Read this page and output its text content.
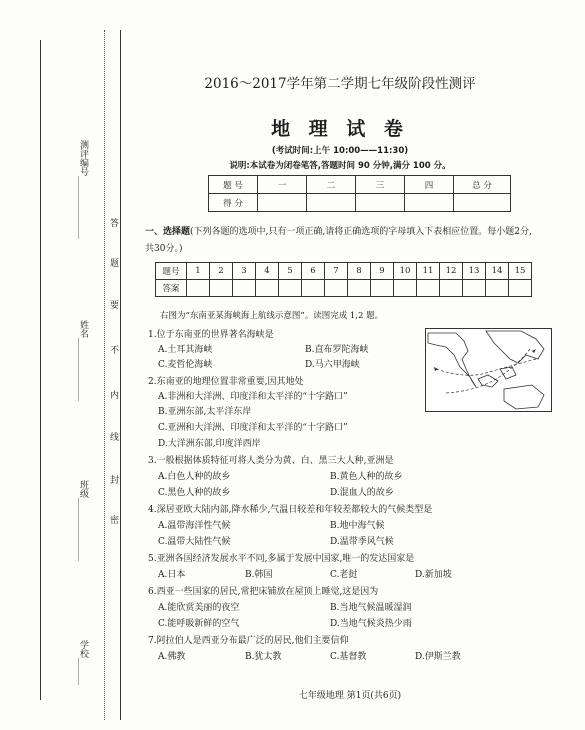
测评编号______________
姓名______________
班级______________
学校______
答
题
要
不
内
线
封
密
2016～2017学年第二学期七年级阶段性测评
地 理 试 卷
(考试时间:上午 10:00——11:30)
说明:本试卷为闭卷笔答,答题时间 90 分钟,满分 100 分。
题 号	一	二	三	四	总 分
得 分					
一、选择题(下列各题的选项中,只有一项正确,请将正确选项的字母填入下表相应位置。每小题2分,共30分。)
题号	1	2	3	4	5	6	7	8	9	10	11	12	13	14	15
答案															
右图为“东南亚某海峡海上航线示意图”。读图完成 1,2 题。
1.位于东南亚的世界著名海峡是
A.土耳其海峡	B.直布罗陀海峡
C.麦哲伦海峡	D.马六甲海峡
2.东南亚的地理位置非常重要,因其地处
A.非洲和大洋洲、印度洋和太平洋的“十字路口”
B.亚洲东部,太平洋东岸
C.亚洲和大洋洲、印度洋和太平洋的“十字路口”
D.大洋洲东部,印度洋西岸
3.一般根据体质特征可将人类分为黄、白、黑三大人种,亚洲是
A.白色人种的故乡	B.黄色人种的故乡
C.黑色人种的故乡	D.混血人的故乡
4.深居亚欧大陆内部,降水稀少,气温日较差和年较差都较大的气候类型是
A.温带海洋性气候	B.地中海气候
C.温带大陆性气候	D.温带季风气候
5.亚洲各国经济发展水平不同,多属于发展中国家,唯一的发达国家是
A.日本	B.韩国	C.老挝	D.新加坡
6.西亚一些国家的居民,常把床铺放在屋顶上睡觉,这是因为
A.能欣赏美丽的夜空	B.当地气候温暖湿润
C.能呼吸新鲜的空气	D.当地气候炎热少雨
7.阿拉伯人是西亚分布最广泛的居民,他们主要信仰
A.佛教	B.犹太教	C.基督教	D.伊斯兰教
七年级地理 第1页(共6页)
